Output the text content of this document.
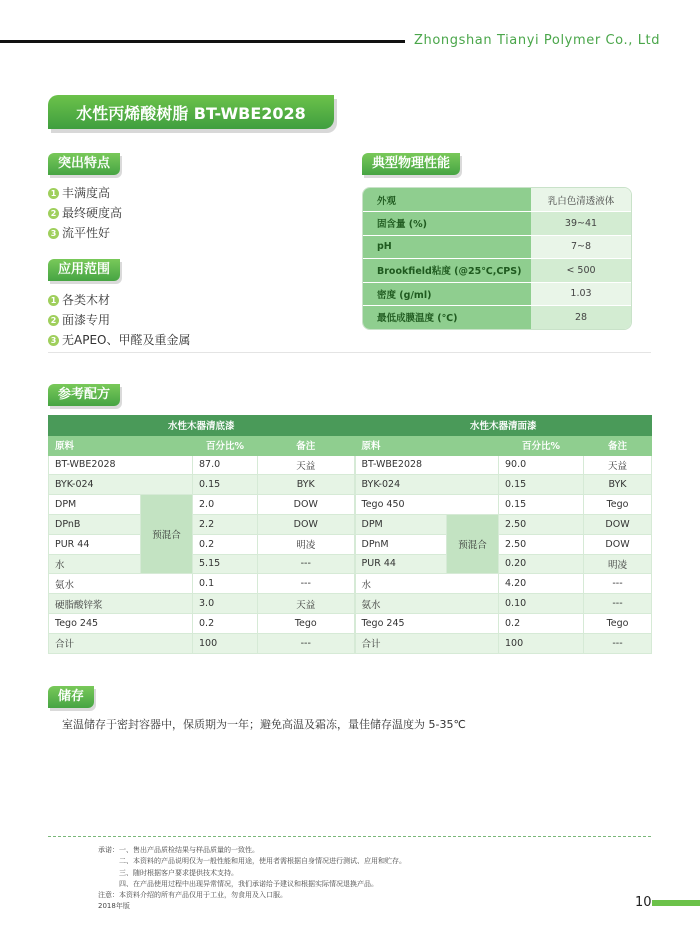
Zhongshan Tianyi Polymer Co., Ltd
水性丙烯酸树脂 BT-WBE2028
突出特点
1 丰满度高
2 最终硬度高
3 流平性好
应用范围
1 各类木材
2 面漆专用
3 无APEO、甲醛及重金属
典型物理性能
外观	乳白色清透液体
固含量 (%)	39~41
pH	7~8
Brookfield粘度 (@25℃,CPS)	< 500
密度 (g/ml)	1.03
最低成膜温度 (℃)	28
参考配方
水性木器清底漆				水性木器清面漆			
原料		百分比%	备注	原料		百分比%	备注
BT-WBE2028		87.0	天益	BT-WBE2028		90.0	天益
BYK-024		0.15	BYK	BYK-024		0.15	BYK
DPM	预混合	2.0	DOW	Tego 450		0.15	Tego
DPnB		2.2	DOW	DPM	预混合	2.50	DOW
PUR 44		0.2	明凌	DPnM		2.50	DOW
水		5.15	---	PUR 44		0.20	明凌
氨水		0.1	---	水		4.20	---
硬脂酸锌浆		3.0	天益	氨水		0.10	---
Tego 245		0.2	Tego	Tego 245		0.2	Tego
合计		100	---	合计		100	---
储存
室温储存于密封容器中，保质期为一年；避免高温及霜冻，量佳储存温度为 5-35℃
承诺：一、售出产品质检结果与样品质量的一致性。
二、本资料的产品说明仅为一般性能和用途，使用者需根据自身情况进行测试、应用和贮存。
三、随时根据客户要求提供技术支持。
四、在产品使用过程中出现异常情况，我们承诺给予建议和根据实际情况退换产品。
注意：本资料介绍的所有产品仅用于工业，勿食用及入口服。
2018年版	10
